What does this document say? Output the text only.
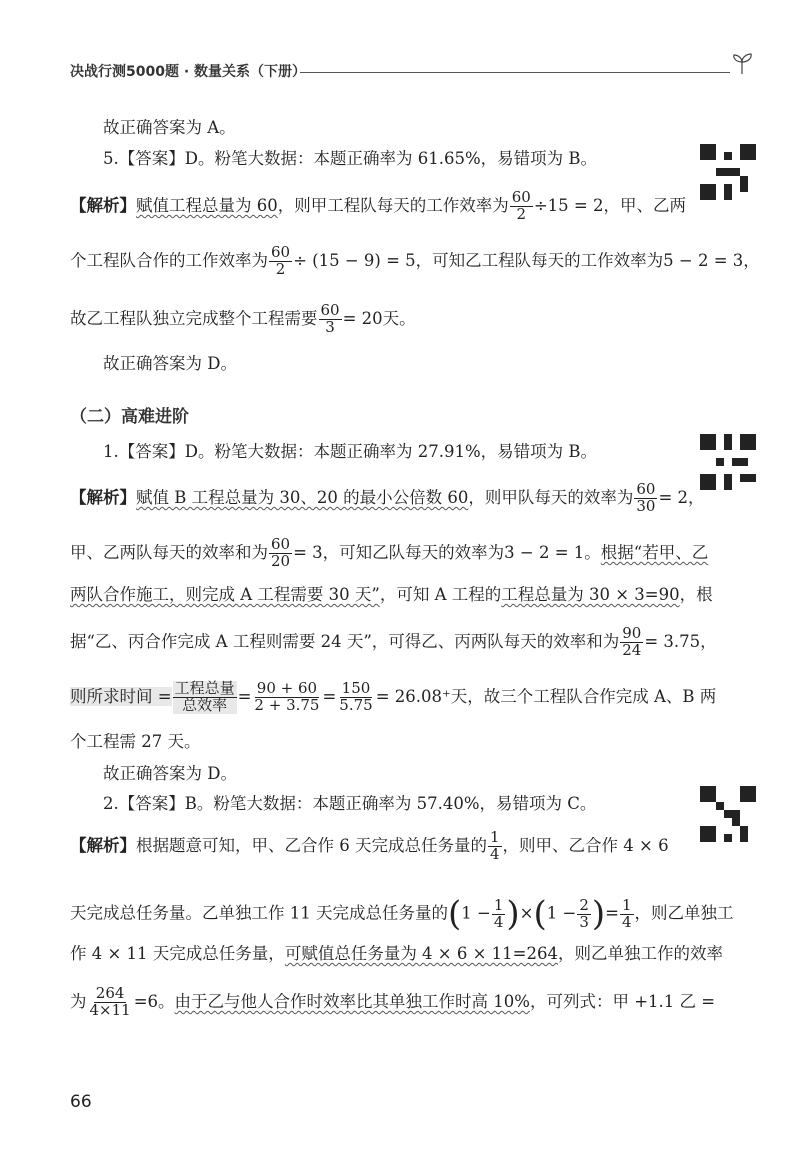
决战行测5000题 · 数量关系（下册）
故正确答案为 A。
5.【答案】D。粉笔大数据：本题正确率为 61.65%，易错项为 B。
【解析】赋值工程总量为 60，则甲工程队每天的工作效率为 $\frac{60}{2} \div 15 = 2$，甲、乙两
个工程队合作的工作效率为 $\frac{60}{2} \div (15 - 9) = 5$，可知乙工程队每天的工作效率为5 − 2 = 3，
故乙工程队独立完成整个工程需要 $\frac{60}{3} = 20$天。
故正确答案为 D。
（二）高难进阶
1.【答案】D。粉笔大数据：本题正确率为 27.91%，易错项为 B。
【解析】赋值 B 工程总量为 30、20 的最小公倍数 60，则甲队每天的效率为 $\frac{60}{30} = 2$，
甲、乙两队每天的效率和为 $\frac{60}{20} = 3$，可知乙队每天的效率为3 − 2 = 1。根据“若甲、乙
两队合作施工，则完成 A 工程需要 30 天”，可知 A 工程的工程总量为 30 × 3=90，根
据“乙、丙合作完成 A 工程则需要 24 天”，可得乙、丙两队每天的效率和为 $\frac{90}{24} = 3.75$，
则所求时间 = $\frac{\text{工程总量}}{\text{总效率}} = \frac{90 + 60}{2 + 3.75} = \frac{150}{5.75} = 26.08^+$天，故三个工程队合作完成 A、B 两
个工程需 27 天。
故正确答案为 D。
2.【答案】B。粉笔大数据：本题正确率为 57.40%，易错项为 C。
【解析】根据题意可知，甲、乙合作 6 天完成总任务量的 $\frac{1}{4}$ ，则甲、乙合作 4 × 6
天完成总任务量。乙单独工作 11 天完成总任务量的$(1 - \frac{1}{4} )\times(1 - \frac{2}{3}$ )= $\frac{1}{4}$ ，则乙单独工
作 4 × 11 天完成总任务量，可赋值总任务量为 4 × 6 × 11=264，则乙单独工作的效率
为 $\frac{264}{4\times 11} =6$。由于乙与他人合作时效率比其单独工作时高 10%，可列式：甲 +1.1 乙 =
66
